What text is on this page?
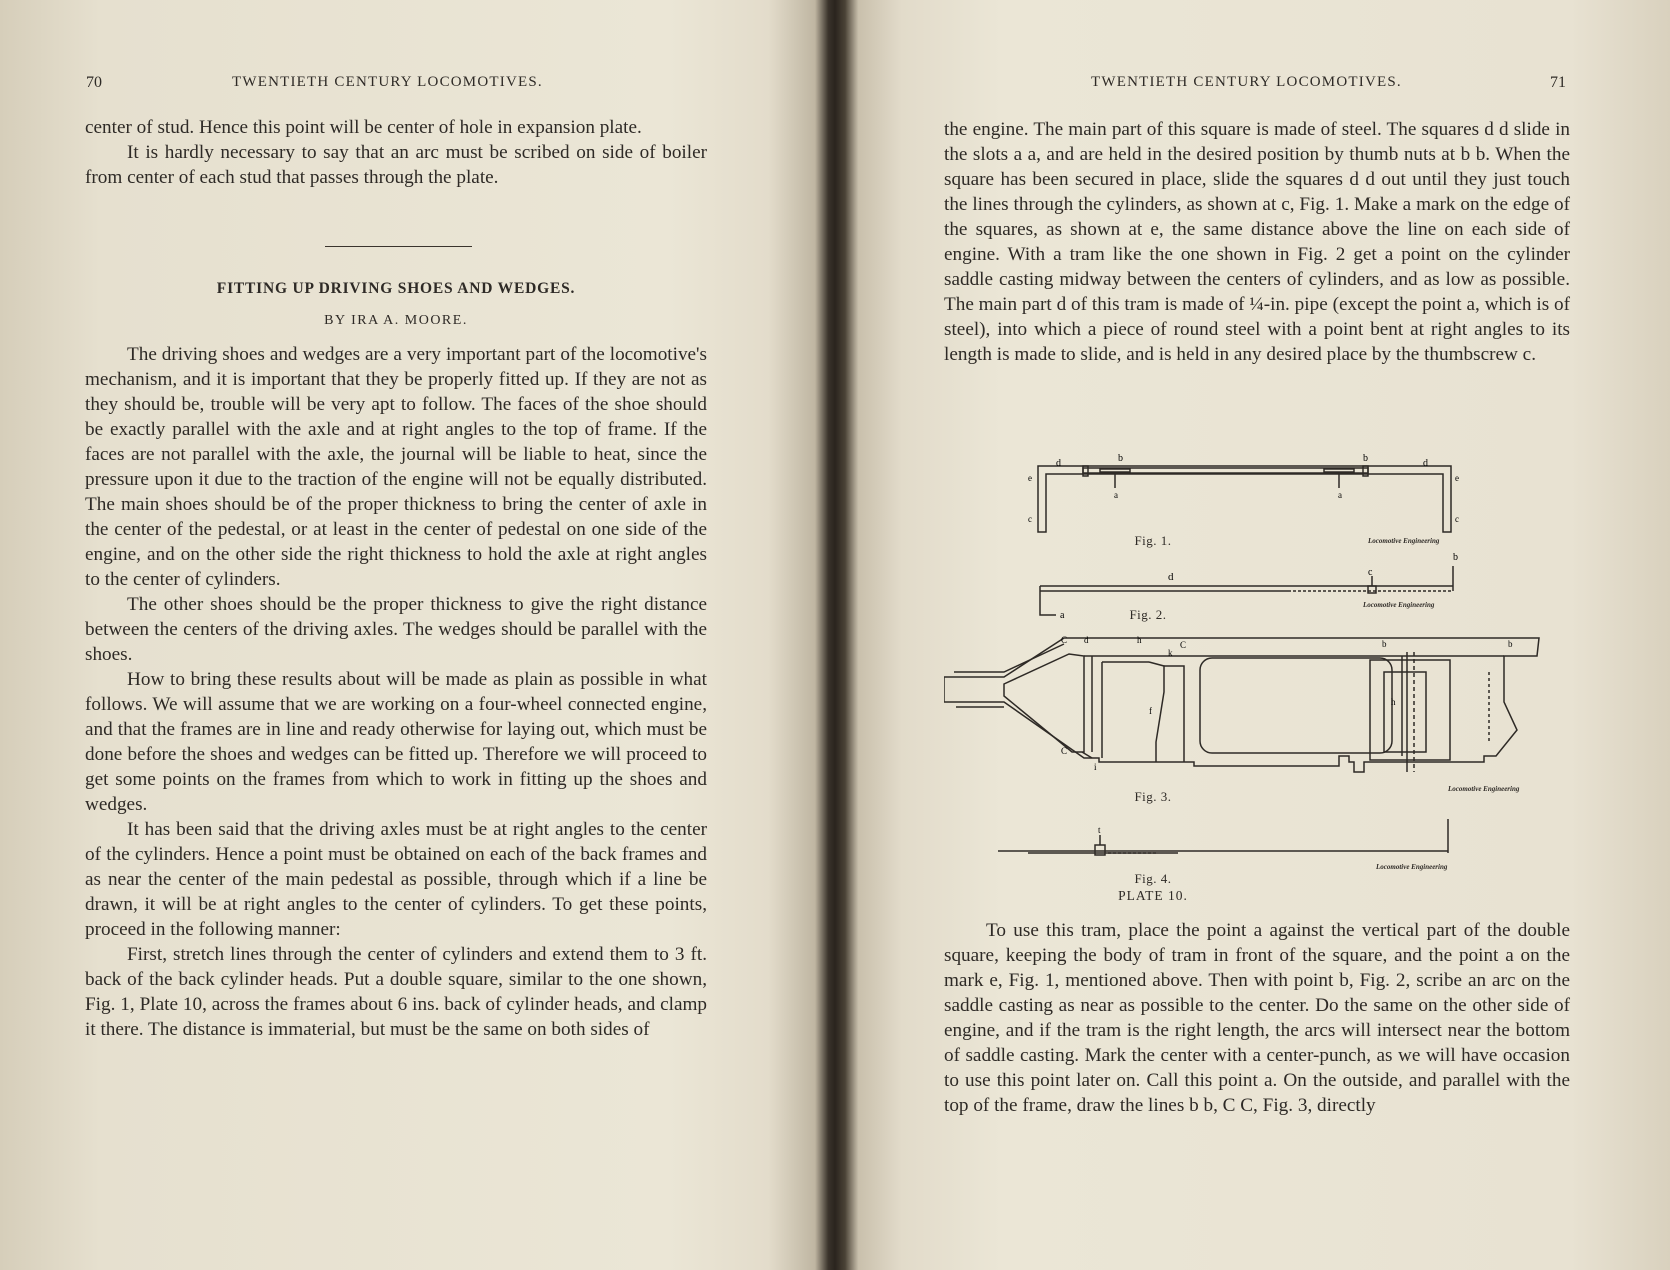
70	TWENTIETH CENTURY LOCOMOTIVES.

center of stud. Hence this point will be center of hole in expansion plate.

It is hardly necessary to say that an arc must be scribed on side of boiler from center of each stud that passes through the plate.

FITTING UP DRIVING SHOES AND WEDGES.
BY IRA A. MOORE.

The driving shoes and wedges are a very important part of the locomotive's mechanism, and it is important that they be properly fitted up. If they are not as they should be, trouble will be very apt to follow. The faces of the shoe should be exactly parallel with the axle and at right angles to the top of frame. If the faces are not parallel with the axle, the journal will be liable to heat, since the pressure upon it due to the traction of the engine will not be equally distributed. The main shoes should be of the proper thickness to bring the center of axle in the center of the pedestal, or at least in the center of pedestal on one side of the engine, and on the other side the right thickness to hold the axle at right angles to the center of cylinders.

The other shoes should be the proper thickness to give the right distance between the centers of the driving axles. The wedges should be parallel with the shoes.

How to bring these results about will be made as plain as possible in what follows. We will assume that we are working on a four-wheel connected engine, and that the frames are in line and ready otherwise for laying out, which must be done before the shoes and wedges can be fitted up. Therefore we will proceed to get some points on the frames from which to work in fitting up the shoes and wedges.

It has been said that the driving axles must be at right angles to the center of the cylinders. Hence a point must be obtained on each of the back frames and as near the center of the main pedestal as possible, through which if a line be drawn, it will be at right angles to the center of cylinders. To get these points, proceed in the following manner:

First, stretch lines through the center of cylinders and extend them to 3 ft. back of the back cylinder heads. Put a double square, similar to the one shown, Fig. 1, Plate 10, across the frames about 6 ins. back of cylinder heads, and clamp it there. The distance is immaterial, but must be the same on both sides of

TWENTIETH CENTURY LOCOMOTIVES.	71

the engine. The main part of this square is made of steel. The squares d d slide in the slots a a, and are held in the desired position by thumb nuts at b b. When the square has been secured in place, slide the squares d d out until they just touch the lines through the cylinders, as shown at c, Fig. 1. Make a mark on the edge of the squares, as shown at e, the same distance above the line on each side of engine. With a tram like the one shown in Fig. 2 get a point on the cylinder saddle casting midway between the centers of cylinders, and as low as possible. The main part d of this tram is made of ¼-in. pipe (except the point a, which is of steel), into which a piece of round steel with a point bent at right angles to its length is made to slide, and is held in any desired place by the thumbscrew c.

b	b
d	d
a	a
e	e
c	c
Fig. 1.	Locomotive Engineering
b
d	c
a	Fig. 2.
Locomotive Engineering
C d	h	C
k
f
b	b
h
i
C
Fig. 3.	Locomotive Engineering
t
Locomotive Engineering
Fig. 4.
PLATE 10.

To use this tram, place the point a against the vertical part of the double square, keeping the body of tram in front of the square, and the point a on the mark e, Fig. 1, mentioned above. Then with point b, Fig. 2, scribe an arc on the saddle casting as near as possible to the center. Do the same on the other side of engine, and if the tram is the right length, the arcs will intersect near the bottom of saddle casting. Mark the center with a center-punch, as we will have occasion to use this point later on. Call this point a. On the outside, and parallel with the top of the frame, draw the lines b b, C C, Fig. 3, directly
